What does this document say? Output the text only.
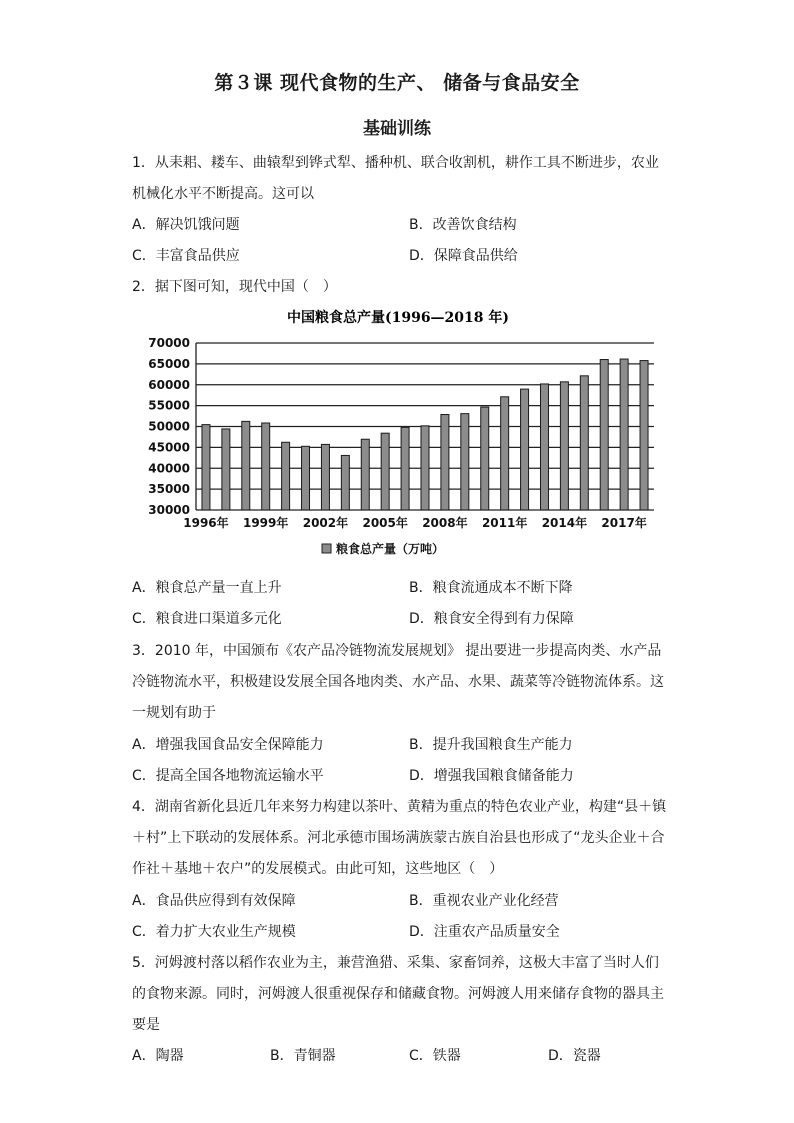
第３课 现代食物的生产、 储备与食品安全
基础训练
1．从耒耜、耧车、曲辕犁到铧式犁、播种机、联合收割机，耕作工具不断进步，农业
机械化水平不断提高。这可以
A．解决饥饿问题	B．改善饮食结构
C．丰富食品供应	D．保障食品供给
2．据下图可知，现代中国（　）
中国粮食总产量(1996—2018 年)
70000
65000
60000
55000
50000
45000
40000
35000
30000
1996年 1999年 2002年 2005年 2008年 2011年 2014年 2017年
粮食总产量（万吨）
A．粮食总产量一直上升	B．粮食流通成本不断下降
C．粮食进口渠道多元化	D．粮食安全得到有力保障
3．2010 年，中国颁布《农产品冷链物流发展规划》 提出要进一步提高肉类、水产品
冷链物流水平，积极建设发展全国各地肉类、水产品、水果、蔬菜等冷链物流体系。这
一规划有助于
A．增强我国食品安全保障能力	B．提升我国粮食生产能力
C．提高全国各地物流运输水平	D．增强我国粮食储备能力
4．湖南省新化县近几年来努力构建以茶叶、黄精为重点的特色农业产业，构建“县＋镇
＋村”上下联动的发展体系。河北承德市围场满族蒙古族自治县也形成了“龙头企业＋合
作社＋基地＋农户”的发展模式。由此可知，这些地区（　）
A．食品供应得到有效保障	B．重视农业产业化经营
C．着力扩大农业生产规模	D．注重农产品质量安全
5．河姆渡村落以稻作农业为主，兼营渔猎、采集、家畜饲养，这极大丰富了当时人们
的食物来源。同时，河姆渡人很重视保存和储藏食物。河姆渡人用来储存食物的器具主
要是
A．陶器	B．青铜器	C．铁器	D．瓷器
